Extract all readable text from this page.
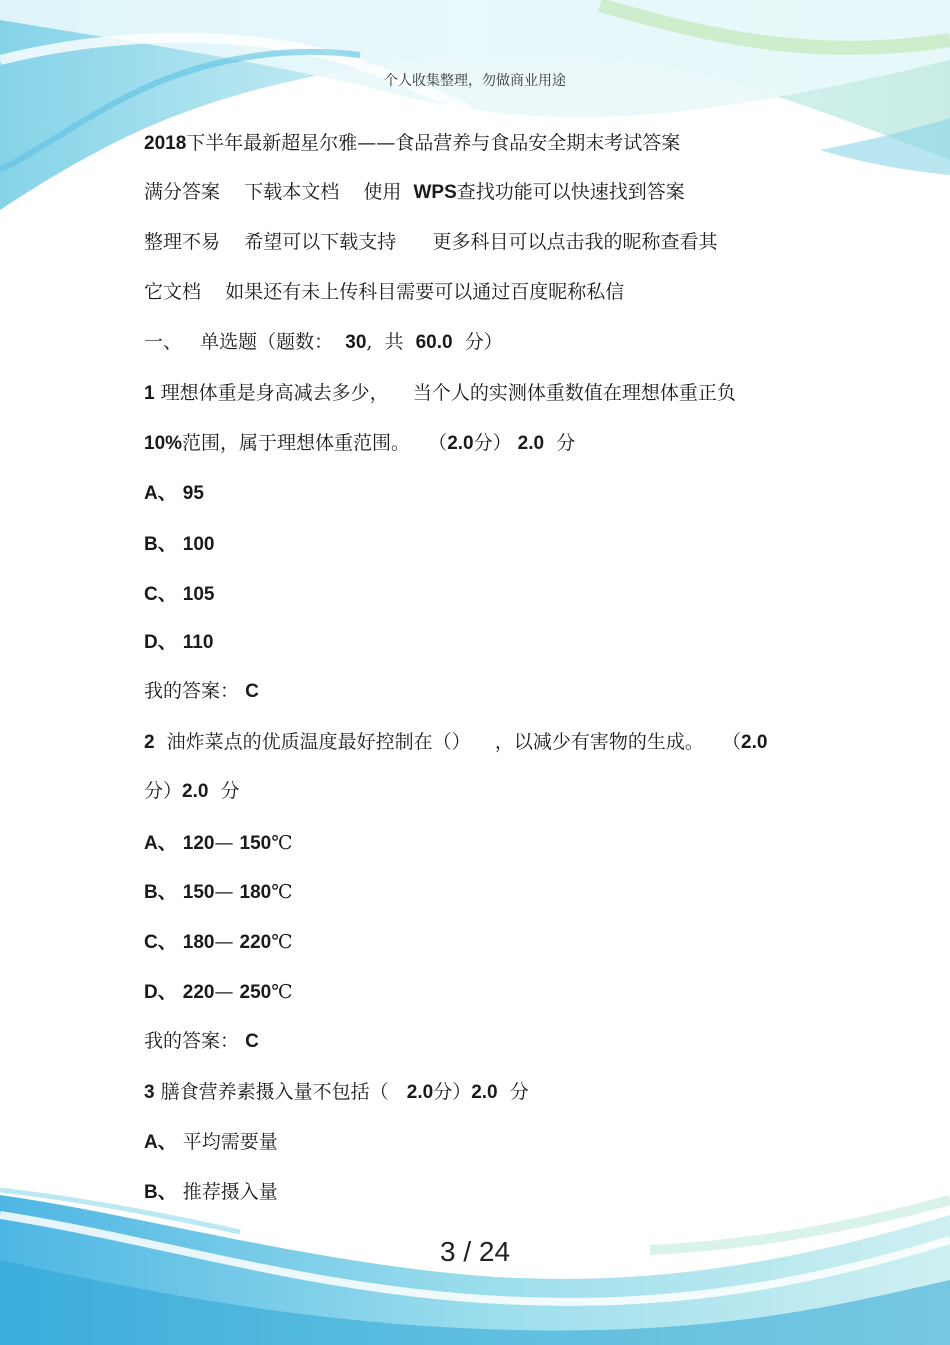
个人收集整理，勿做商业用途
2018下半年最新超星尔雅——食品营养与食品安全期末考试答案
满分答案 下载本文档 使用 WPS查找功能可以快速找到答案
整理不易 希望可以下载支持 更多科目可以点击我的昵称查看其
它文档 如果还有未上传科目需要可以通过百度昵称私信
一、 单选题（题数： 30,  共 60.0 分）
1 理想体重是身高减去多少， 当个人的实测体重数值在理想体重正负
10%范围，属于理想体重范围。 （2.0分） 2.0 分
A、 95
B、 100
C、 105
D、 110
我的答案： C
2 油炸菜点的优质温度最好控制在（） ，以减少有害物的生成。 （2.0
分）2.0 分
A、 120— 150℃
B、 150— 180℃
C、 180— 220℃
D、 220— 250℃
我的答案： C
3 膳食营养素摄入量不包括（ 2.0分）2.0 分
A、 平均需要量
B、 推荐摄入量
3 / 24
